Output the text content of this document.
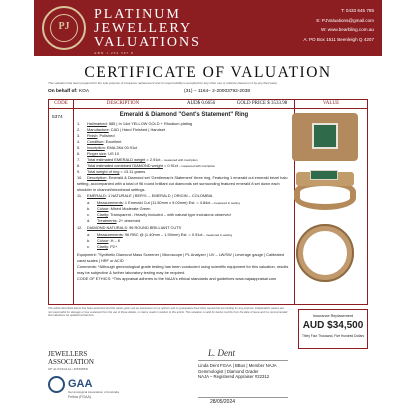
PJ
PLATINUM
JEWELLERY
VALUATIONS
ABN 1 234 567 8
T: 0433 645 785
E: PJValuations@gmail.com
W: www.bearbling.com.au
A: PO Box 1511 Beenleigh Q 4207
CERTIFICATE OF VALUATION
This valuation has been prepared for the sole purpose of insurance replacement and no responsibility is accepted for any other use or reliance placed on it by any third party.
On behalf of: KOA	(31) – 1164– 2-20003792-2038
CODE	DESCRIPTION	AUD$ 0.6656	GOLD PRICE $ 3533.98	VALUE
5374	Emerald & Diamond "Gent's Statement" Ring
1. Hallmarked: 585 | In 14ct YELLOW GOLD + Rhodium plating
2. Manufacture: CAD | Hand Finished | Handset
3. Finish: Polished
4. Condition: Excellent
5. Inscription: EMA.3Kd 00.91ct
6. Finger size: US 10
7. Total estimated EMERALD weight = 2.91ct – measured with inscription
8. Total estimated combined DIAMOND weight = 0.91ct – measured with inscription
9. Total weight of ring = 13.11 grams
10. Description: Emerald & Diamond set 'Gentleman's Statement' three ring. Featuring 1 emerald cut emerald bezel halo setting, accompanied with a total of 96 round brilliant cut diamonds set surrounding featured emerald 8 set down each shoulder in channel/microbead settings.
11. EMERALD: 1 NATURALE | BERYL – EMERALD | ORIGIN – COLOMBIA
a. Measurements: 1 Emerald Cut (11.50mm x 9.00mm) Est. = 4.84ct – measured in setting
b. Colour: Mixed Moderate Green
c. Clarity: Transparent - Heavily included – with natural type inclusions observed
d. Treatments: 2+ observed
12. DIAMOND NATURALS: 96 ROUND BRILLIANT CUTS
a. Measurements: 96 RBC @ (1.40mm – 1.90mm) Est. = 0.91ct – measured in setting
b. Colour: H – K
c. Clarity: P2+
Equipment: "Synthetic Diamond Mass Screener | Microscope | PL Analyzer | UV – LW/SW | Leverage gauge | Calibrated carat scales | HRF or ACID
Comments: *Although gemmological grade testing has been conducted using scientific equipment for this valuation, results may be subjective & further laboratory testing may be required.
CODE OF ETHICS: *This appraisal adheres to the NAJA's ethical standards and guidelines www.najaappraisal.com
The article described above has been examined and the values given are an expression of our opinion and no guarantees have been issued that are binding for any purpose. Independent valuers are not responsible for damage or loss sustained from the use of these details, or claims made in relation to this article. This valuation is valid for twelve months from the date of issue and it is recommended that valuations be updated at that time.	Insurance Replacement
AUD $34,500
Thirty Four Thousand, Five Hundred Dollars
JEWELLERS
ASSOCIATION
OF AUSTRALIA | MEMBER
GAA
Gemmological Association of Australia
Fellow (FGAA)
L. Dent
Linda Dent FGAA | BBus | Member NAJA
Gemmologist | Diamond Grader
NAJA – Registered Appraiser #22312
28/05/2024
